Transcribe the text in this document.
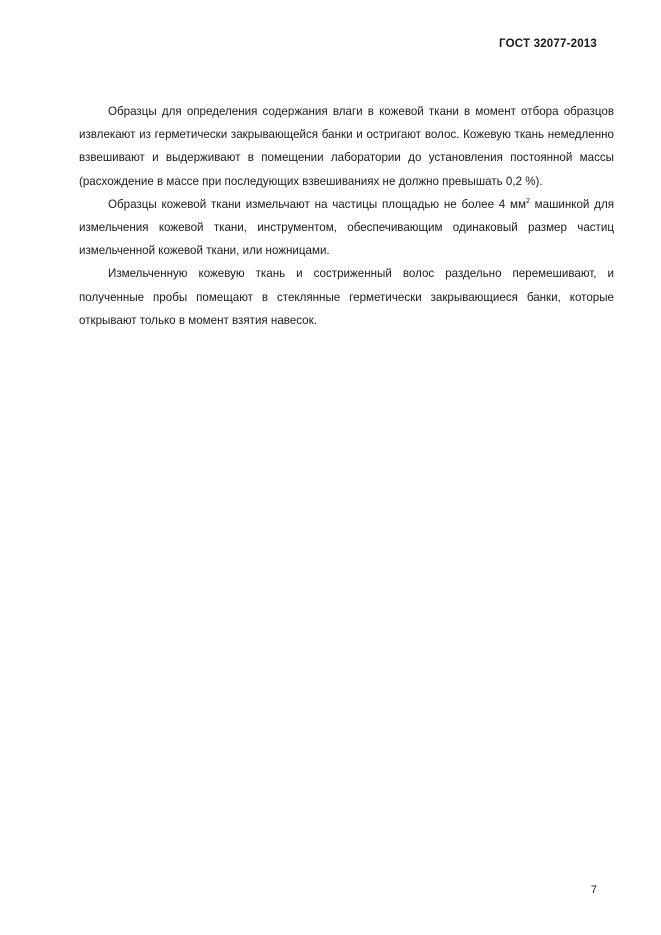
ГОСТ 32077-2013

Образцы для определения содержания влаги в кожевой ткани в момент отбора образцов извлекают из герметически закрывающейся банки и остригают волос. Кожевую ткань немедленно взвешивают и выдерживают в помещении лаборатории до установления постоянной массы (расхождение в массе при последующих взвешиваниях не должно превышать 0,2 %).

Образцы кожевой ткани измельчают на частицы площадью не более 4 $мм^2$ машинкой для измельчения кожевой ткани, инструментом, обеспечивающим одинаковый размер частиц измельченной кожевой ткани, или ножницами.

Измельченную кожевую ткань и состриженный волос раздельно перемешивают, и полученные пробы помещают в стеклянные герметически закрывающиеся банки, которые открывают только в момент взятия навесок.

7
